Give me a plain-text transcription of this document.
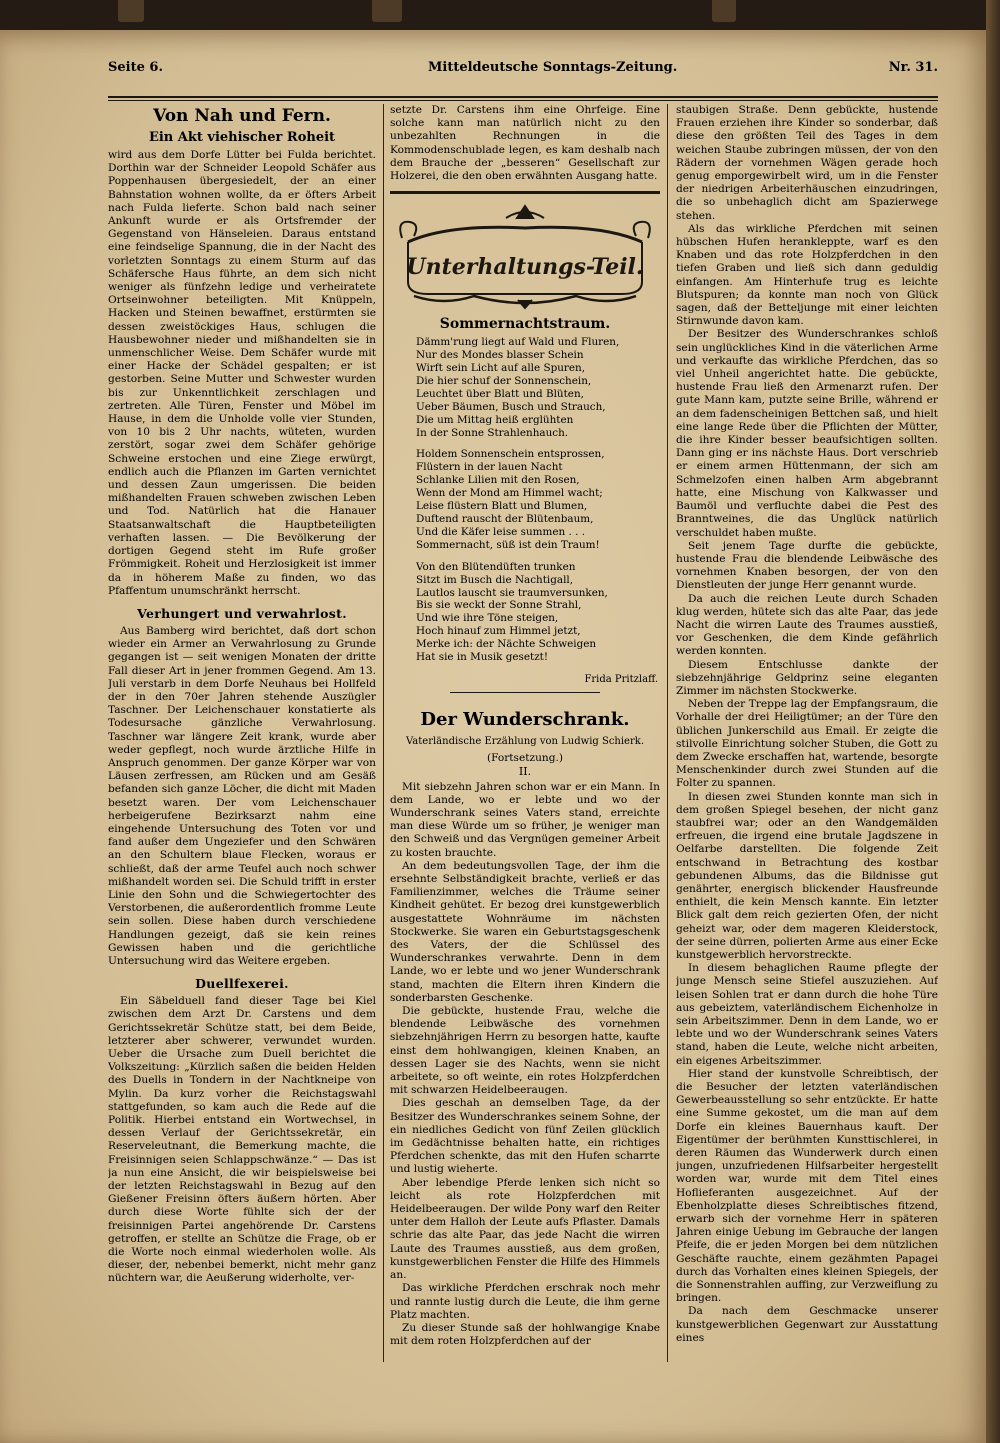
Seite 6.	Mitteldeutsche Sonntags-Zeitung.	Nr. 31.
Von Nah und Fern.
Ein Akt viehischer Roheit

wird aus dem Dorfe Lütter bei Fulda berichtet. Dorthin war der Schneider Leopold Schäfer aus Poppenhausen übergesiedelt, der an einer Bahnstation wohnen wollte, da er öfters Arbeit nach Fulda lieferte. Schon bald nach seiner Ankunft wurde er als Ortsfremder der Gegenstand von Hänseleien. Daraus entstand eine feindselige Spannung, die in der Nacht des vorletzten Sonntags zu einem Sturm auf das Schäfersche Haus führte, an dem sich nicht weniger als fünfzehn ledige und verheiratete Ortseinwohner beteiligten. Mit Knüppeln, Hacken und Steinen bewaffnet, erstürmten sie dessen zweistöckiges Haus, schlugen die Hausbewohner nieder und mißhandelten sie in unmenschlicher Weise. Dem Schäfer wurde mit einer Hacke der Schädel gespalten; er ist gestorben. Seine Mutter und Schwester wurden bis zur Unkenntlichkeit zerschlagen und zertreten. Alle Türen, Fenster und Möbel im Hause, in dem die Unholde volle vier Stunden, von 10 bis 2 Uhr nachts, wüteten, wurden zerstört, sogar zwei dem Schäfer gehörige Schweine erstochen und eine Ziege erwürgt, endlich auch die Pflanzen im Garten vernichtet und dessen Zaun umgerissen. Die beiden mißhandelten Frauen schweben zwischen Leben und Tod. Natürlich hat die Hanauer Staatsanwaltschaft die Hauptbeteiligten verhaften lassen. — Die Bevölkerung der dortigen Gegend steht im Rufe großer Frömmigkeit. Roheit und Herzlosigkeit ist immer da in höherem Maße zu finden, wo das Pfaffentum unumschränkt herrscht.

Verhungert und verwahrlost.

Aus Bamberg wird berichtet, daß dort schon wieder ein Armer an Verwahrlosung zu Grunde gegangen ist — seit wenigen Monaten der dritte Fall dieser Art in jener frommen Gegend. Am 13. Juli verstarb in dem Dorfe Neuhaus bei Hollfeld der in den 70er Jahren stehende Auszügler Taschner. Der Leichenschauer konstatierte als Todesursache gänzliche Verwahrlosung. Taschner war längere Zeit krank, wurde aber weder gepflegt, noch wurde ärztliche Hilfe in Anspruch genommen. Der ganze Körper war von Läusen zerfressen, am Rücken und am Gesäß befanden sich ganze Löcher, die dicht mit Maden besetzt waren. Der vom Leichenschauer herbeigerufene Bezirksarzt nahm eine eingehende Untersuchung des Toten vor und fand außer dem Ungeziefer und den Schwären an den Schultern blaue Flecken, woraus er schließt, daß der arme Teufel auch noch schwer mißhandelt worden sei. Die Schuld trifft in erster Linie den Sohn und die Schwiegertochter des Verstorbenen, die außerordentlich fromme Leute sein sollen. Diese haben durch verschiedene Handlungen gezeigt, daß sie kein reines Gewissen haben und die gerichtliche Untersuchung wird das Weitere ergeben.

Duellfexerei.

Ein Säbelduell fand dieser Tage bei Kiel zwischen dem Arzt Dr. Carstens und dem Gerichtssekretär Schütze statt, bei dem Beide, letzterer aber schwerer, verwundet wurden. Ueber die Ursache zum Duell berichtet die Volkszeitung: „Kürzlich saßen die beiden Helden des Duells in Tondern in der Nachtkneipe von Mylin. Da kurz vorher die Reichstagswahl stattgefunden, so kam auch die Rede auf die Politik. Hierbei entstand ein Wortwechsel, in dessen Verlauf der Gerichtssekretär, ein Reserveleutnant, die Bemerkung machte, die Freisinnigen seien Schlappschwänze.“ — Das ist ja nun eine Ansicht, die wir beispielsweise bei der letzten Reichstagswahl in Bezug auf den Gießener Freisinn öfters äußern hörten. Aber durch diese Worte fühlte sich der der freisinnigen Partei angehörende Dr. Carstens getroffen, er stellte an Schütze die Frage, ob er die Worte noch einmal wiederholen wolle. Als dieser, der, nebenbei bemerkt, nicht mehr ganz nüchtern war, die Aeußerung widerholte, ver-

setzte Dr. Carstens ihm eine Ohrfeige. Eine solche kann man natürlich nicht zu den unbezahlten Rechnungen in die Kommodenschublade legen, es kam deshalb nach dem Brauche der „besseren“ Gesellschaft zur Holzerei, die den oben erwähnten Ausgang hatte.

Unterhaltungs-Teil.
Sommernachtstraum.
Dämm'rung liegt auf Wald und Fluren,
Nur des Mondes blasser Schein
Wirft sein Licht auf alle Spuren,
Die hier schuf der Sonnenschein,
Leuchtet über Blatt und Blüten,
Ueber Bäumen, Busch und Strauch,
Die um Mittag heiß erglühten
In der Sonne Strahlenhauch.
Holdem Sonnenschein entsprossen,
Flüstern in der lauen Nacht
Schlanke Lilien mit den Rosen,
Wenn der Mond am Himmel wacht;
Leise flüstern Blatt und Blumen,
Duftend rauscht der Blütenbaum,
Und die Käfer leise summen . . .
Sommernacht, süß ist dein Traum!
Von den Blütendüften trunken
Sitzt im Busch die Nachtigall,
Lautlos lauscht sie traumversunken,
Bis sie weckt der Sonne Strahl,
Und wie ihre Töne steigen,
Hoch hinauf zum Himmel jetzt,
Merke ich: der Nächte Schweigen
Hat sie in Musik gesetzt!
Frida Pritzlaff.
Der Wunderschrank.
Vaterländische Erzählung von Ludwig Schierk.
(Fortsetzung.)
II.

Mit siebzehn Jahren schon war er ein Mann. In dem Lande, wo er lebte und wo der Wunderschrank seines Vaters stand, erreichte man diese Würde um so früher, je weniger man den Schweiß und das Vergnügen gemeiner Arbeit zu kosten brauchte.

An dem bedeutungsvollen Tage, der ihm die ersehnte Selbständigkeit brachte, verließ er das Familienzimmer, welches die Träume seiner Kindheit gehütet. Er bezog drei kunstgewerblich ausgestattete Wohnräume im nächsten Stockwerke. Sie waren ein Geburtstagsgeschenk des Vaters, der die Schlüssel des Wunderschrankes verwahrte. Denn in dem Lande, wo er lebte und wo jener Wunderschrank stand, machten die Eltern ihren Kindern die sonderbarsten Geschenke.

Die gebückte, hustende Frau, welche die blendende Leibwäsche des vornehmen siebzehnjährigen Herrn zu besorgen hatte, kaufte einst dem hohlwangigen, kleinen Knaben, an dessen Lager sie des Nachts, wenn sie nicht arbeitete, so oft weinte, ein rotes Holzpferdchen mit schwarzen Heidelbeeraugen.

Dies geschah an demselben Tage, da der Besitzer des Wunderschrankes seinem Sohne, der ein niedliches Gedicht von fünf Zeilen glücklich im Gedächtnisse behalten hatte, ein richtiges Pferdchen schenkte, das mit den Hufen scharrte und lustig wieherte.

Aber lebendige Pferde lenken sich nicht so leicht als rote Holzpferdchen mit Heidelbeeraugen. Der wilde Pony warf den Reiter unter dem Halloh der Leute aufs Pflaster. Damals schrie das alte Paar, das jede Nacht die wirren Laute des Traumes ausstieß, aus dem großen, kunstgewerblichen Fenster die Hilfe des Himmels an.

Das wirkliche Pferdchen erschrak noch mehr und rannte lustig durch die Leute, die ihm gerne Platz machten.

Zu dieser Stunde saß der hohlwangige Knabe mit dem roten Holzpferdchen auf der

staubigen Straße. Denn gebückte, hustende Frauen erziehen ihre Kinder so sonderbar, daß diese den größten Teil des Tages in dem weichen Staube zubringen müssen, der von den Rädern der vornehmen Wägen gerade hoch genug emporgewirbelt wird, um in die Fenster der niedrigen Arbeiterhäuschen einzudringen, die so unbehaglich dicht am Spazierwege stehen.

Als das wirkliche Pferdchen mit seinen hübschen Hufen herankleppte, warf es den Knaben und das rote Holzpferdchen in den tiefen Graben und ließ sich dann geduldig einfangen. Am Hinterhufe trug es leichte Blutspuren; da konnte man noch von Glück sagen, daß der Betteljunge mit einer leichten Stirnwunde davon kam.

Der Besitzer des Wunderschrankes schloß sein unglückliches Kind in die väterlichen Arme und verkaufte das wirkliche Pferdchen, das so viel Unheil angerichtet hatte. Die gebückte, hustende Frau ließ den Armenarzt rufen. Der gute Mann kam, putzte seine Brille, während er an dem fadenscheinigen Bettchen saß, und hielt eine lange Rede über die Pflichten der Mütter, die ihre Kinder besser beaufsichtigen sollten. Dann ging er ins nächste Haus. Dort verschrieb er einem armen Hüttenmann, der sich am Schmelzofen einen halben Arm abgebrannt hatte, eine Mischung von Kalkwasser und Baumöl und verfluchte dabei die Pest des Branntweines, die das Unglück natürlich verschuldet haben mußte.

Seit jenem Tage durfte die gebückte, hustende Frau die blendende Leibwäsche des vornehmen Knaben besorgen, der von den Dienstleuten der junge Herr genannt wurde.

Da auch die reichen Leute durch Schaden klug werden, hütete sich das alte Paar, das jede Nacht die wirren Laute des Traumes ausstieß, vor Geschenken, die dem Kinde gefährlich werden konnten.

Diesem Entschlusse dankte der siebzehnjährige Geldprinz seine eleganten Zimmer im nächsten Stockwerke.

Neben der Treppe lag der Empfangsraum, die Vorhalle der drei Heiligtümer; an der Türe den üblichen Junkerschild aus Email. Er zeigte die stilvolle Einrichtung solcher Stuben, die Gott zu dem Zwecke erschaffen hat, wartende, besorgte Menschenkinder durch zwei Stunden auf die Folter zu spannen.

In diesen zwei Stunden konnte man sich in dem großen Spiegel besehen, der nicht ganz staubfrei war; oder an den Wandgemälden erfreuen, die irgend eine brutale Jagdszene in Oelfarbe darstellten. Die folgende Zeit entschwand in Betrachtung des kostbar gebundenen Albums, das die Bildnisse gut genährter, energisch blickender Hausfreunde enthielt, die kein Mensch kannte. Ein letzter Blick galt dem reich gezierten Ofen, der nicht geheizt war, oder dem mageren Kleiderstock, der seine dürren, polierten Arme aus einer Ecke kunstgewerblich hervorstreckte.

In diesem behaglichen Raume pflegte der junge Mensch seine Stiefel auszuziehen. Auf leisen Sohlen trat er dann durch die hohe Türe aus gebeiztem, vaterländischem Eichenholze in sein Arbeitszimmer. Denn in dem Lande, wo er lebte und wo der Wunderschrank seines Vaters stand, haben die Leute, welche nicht arbeiten, ein eigenes Arbeitszimmer.

Hier stand der kunstvolle Schreibtisch, der die Besucher der letzten vaterländischen Gewerbeausstellung so sehr entzückte. Er hatte eine Summe gekostet, um die man auf dem Dorfe ein kleines Bauernhaus kauft. Der Eigentümer der berühmten Kunsttischlerei, in deren Räumen das Wunderwerk durch einen jungen, unzufriedenen Hilfsarbeiter hergestellt worden war, wurde mit dem Titel eines Hoflieferanten ausgezeichnet. Auf der Ebenholzplatte dieses Schreibtisches fitzend, erwarb sich der vornehme Herr in späteren Jahren einige Uebung im Gebrauche der langen Pfeife, die er jeden Morgen bei dem nützlichen Geschäfte rauchte, einem gezähmten Papagei durch das Vorhalten eines kleinen Spiegels, der die Sonnenstrahlen auffing, zur Verzweiflung zu bringen.

Da nach dem Geschmacke unserer kunstgewerblichen Gegenwart zur Ausstattung eines
